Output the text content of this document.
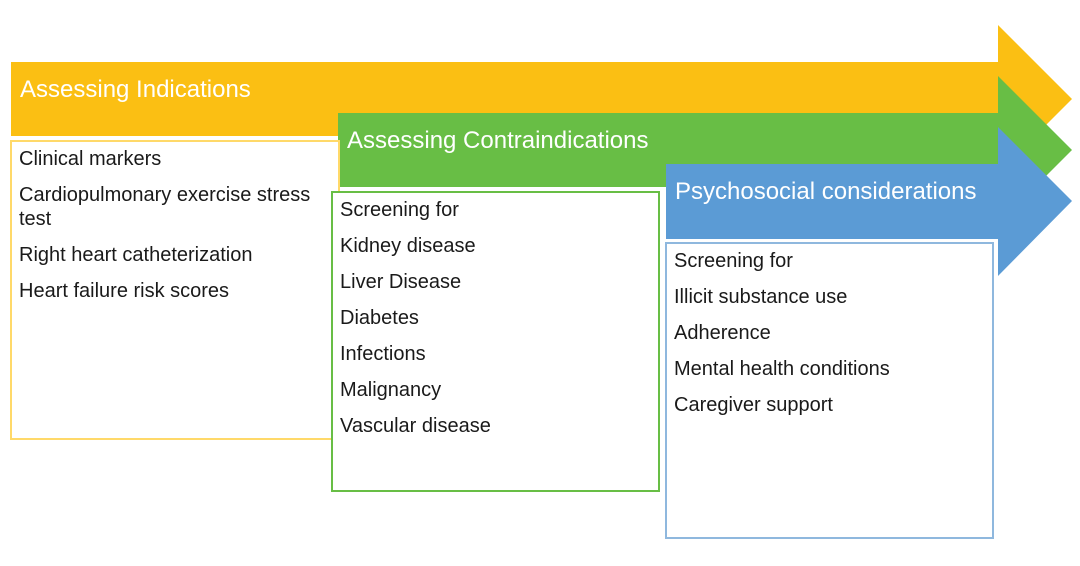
Clinical markers
Cardiopulmonary exercise stress test
Right heart catheterization
Heart failure risk scores
Screening for
Kidney disease
Liver Disease
Diabetes
Infections
Malignancy
Vascular disease
Screening for
Illicit substance use
Adherence
Mental health conditions
Caregiver support
Assessing Indications
Assessing Contraindications
Psychosocial considerations
